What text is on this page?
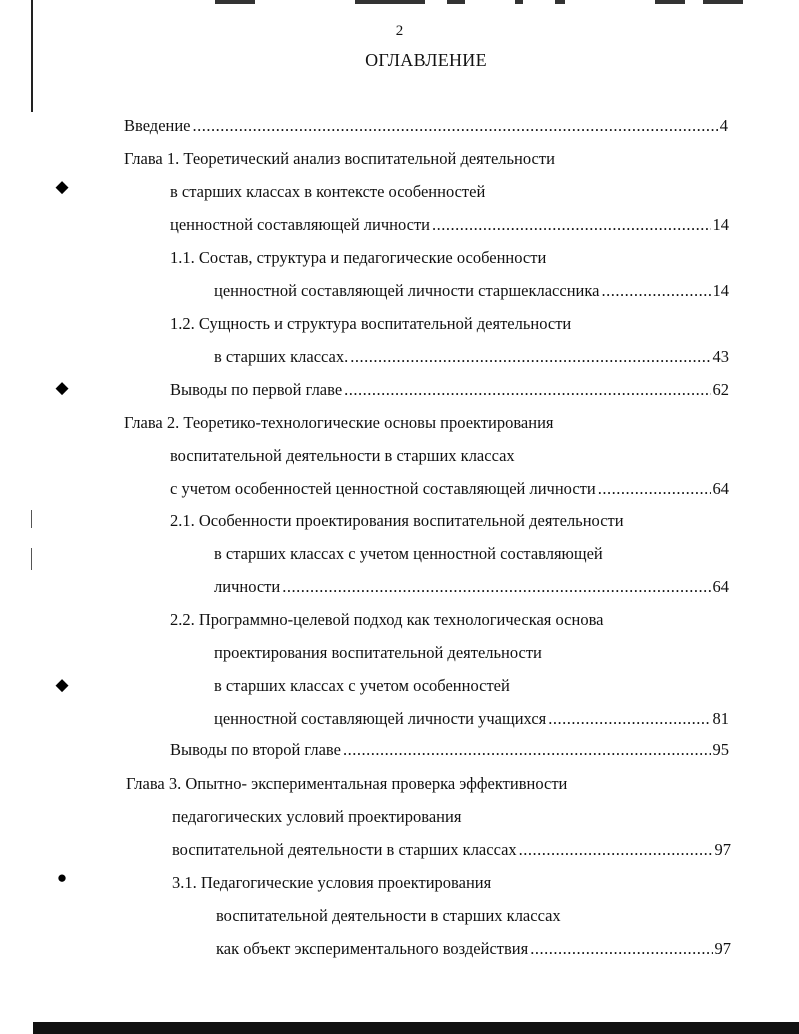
◆
◆
◆
●
2
ОГЛАВЛЕНИЕ
Введение .....	4
Глава 1. Теоретический анализ воспитательной деятельности
в старших классах в контексте особенностей
ценностной составляющей личности .....	14
1.1. Состав, структура и педагогические особенности
ценностной составляющей личности старшеклассника .....	14
1.2. Сущность и структура воспитательной деятельности
в старших классах. .....	43
Выводы по первой главе .....	62
Глава 2. Теоретико-технологические основы проектирования
воспитательной деятельности в старших классах
с учетом особенностей ценностной составляющей личности .....	64
2.1. Особенности проектирования воспитательной деятельности
в старших классах с учетом ценностной составляющей
личности .....	64
2.2. Программно-целевой подход как технологическая основа
проектирования воспитательной деятельности
в старших классах с учетом особенностей
ценностной составляющей личности учащихся .....	81
Выводы по второй главе .....	95
Глава 3. Опытно- экспериментальная проверка эффективности
педагогических условий проектирования
воспитательной деятельности в старших классах .....	97
3.1. Педагогические условия проектирования
воспитательной деятельности в старших классах
как объект экспериментального воздействия .....	97
